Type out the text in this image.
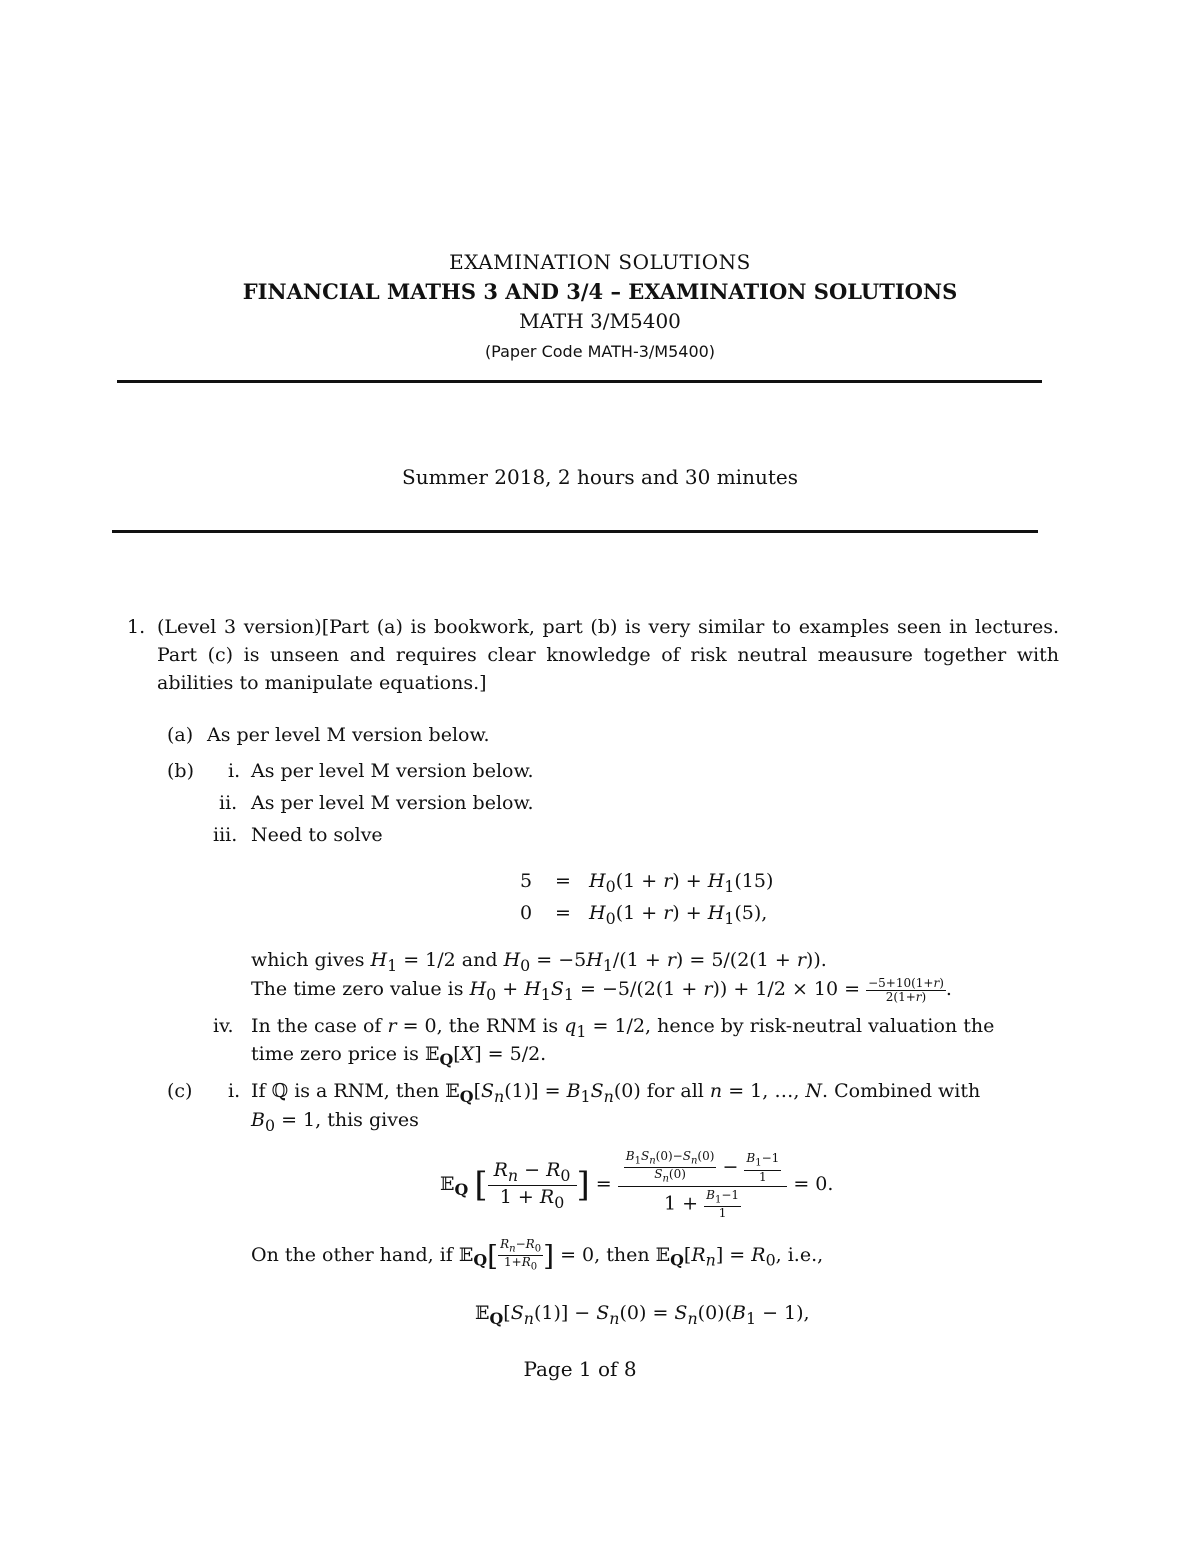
EXAMINATION SOLUTIONS
FINANCIAL MATHS 3 AND 3/4 – EXAMINATION SOLUTIONS
MATH 3/M5400
(Paper Code MATH-3/M5400)
Summer 2018, 2 hours and 30 minutes
1. (Level 3 version)[Part (a) is bookwork, part (b) is very similar to examples seen in lectures.
Part (c) is unseen and requires clear knowledge of risk neutral meausure together with
abilities to manipulate equations.]
(a) As per level M version below.
(b) i. As per level M version below.
ii. As per level M version below.
iii. Need to solve
$5 = H_0(1 + r) + H_1(15)$
$0 = H_0(1 + r) + H_1(5)$,
which gives $H_1 = 1/2$ and $H_0 = -5H_1/(1 + r) = 5/(2(1 + r))$.
The time zero value is $H_0 + H_1S_1 = -5/(2(1 + r)) + 1/2 \times 10 = \frac{-5+10(1+r)}{2(1+r)}$ .
iv. In the case of r = 0, the RNM is $q_1 = 1/2$, hence by risk-neutral valuation the
time zero price is 𝔼$_Q$[X] = 5/2.
(c) i. If ℚ is a RNM, then $𝔼_Q[S_n(1)] = B_1S_n(0)$ for all n = 1, …, N. Combined with
$B_0 = 1$, this gives
𝔼$_Q$ [ $\frac{R_n - R_0}{1 + R_0}$ ] = $\frac{\frac{B_1S_n(0)-S_n(0)}{S_n(0)} - \frac{B_1-1}{1}}{1 + \frac{B_1-1}{1}} = 0$.
On the other hand, if 𝔼$_Q$[ $\frac{R_n-R_0}{1+R_0}$ ] = 0, then $𝔼_Q[R_n] = R_0$, i.e.,
$𝔼_Q[S_n(1)] - S_n(0) = S_n(0)(B_1 - 1)$,
Page 1 of 8
